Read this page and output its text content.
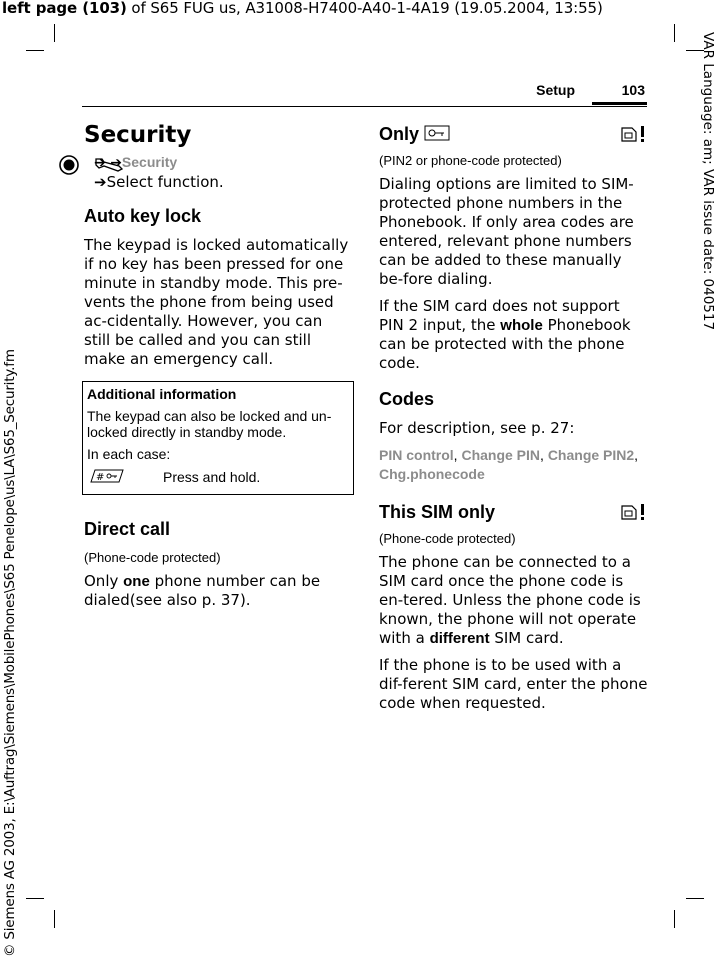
left page (103) of S65 FUG us, A31008-H7400-A40-1-4A19 (19.05.2004, 13:55)
VAR Language: am; VAR issue date: 040517
© Siemens AG 2003, E:\Auftrag\Siemens\MobilePhones\S65 Penelope\us\LA\S65_Security.fm
Setup	103
Security
➔ ➔Security
➔Select function.
Auto key lock

The keypad is locked automatically if no key has been pressed for one minute in standby mode. This pre-vents the phone from being used ac-cidentally. However, you can still be called and you can still make an emergency call.

Additional information

The keypad can also be locked and un-locked directly in standby mode.

In each case:

#	Press and hold.
Direct call

(Phone-code protected)

Only one phone number can be dialed(see also p. 37).

Only

(PIN2 or phone-code protected)

Dialing options are limited to SIM-protected phone numbers in the Phonebook. If only area codes are entered, relevant phone numbers can be added to these manually be-fore dialing.

If the SIM card does not support PIN 2 input, the whole Phonebook can be protected with the phone code.

Codes

For description, see p. 27:

PIN control, Change PIN, Change PIN2,
Chg.phonecode

This SIM only

(Phone-code protected)

The phone can be connected to a SIM card once the phone code is en-tered. Unless the phone code is known, the phone will not operate with a different SIM card.

If the phone is to be used with a dif-ferent SIM card, enter the phone code when requested.
